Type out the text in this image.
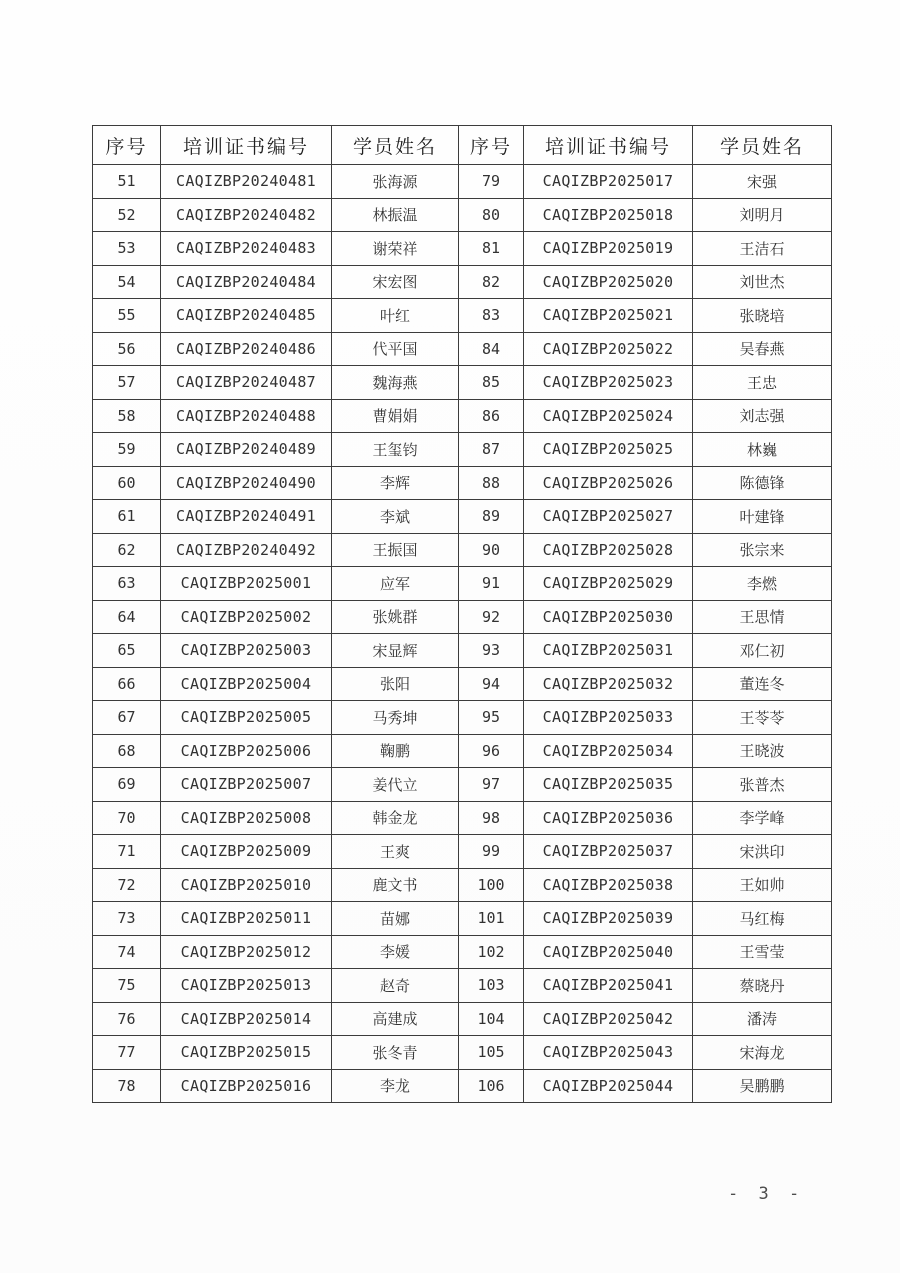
序号	培训证书编号	学员姓名	序号	培训证书编号	学员姓名
51	CAQIZBP20240481	张海源	79	CAQIZBP2025017	宋强
52	CAQIZBP20240482	林振温	80	CAQIZBP2025018	刘明月
53	CAQIZBP20240483	谢荣祥	81	CAQIZBP2025019	王洁石
54	CAQIZBP20240484	宋宏图	82	CAQIZBP2025020	刘世杰
55	CAQIZBP20240485	叶红	83	CAQIZBP2025021	张晓培
56	CAQIZBP20240486	代平国	84	CAQIZBP2025022	吴春燕
57	CAQIZBP20240487	魏海燕	85	CAQIZBP2025023	王忠
58	CAQIZBP20240488	曹娟娟	86	CAQIZBP2025024	刘志强
59	CAQIZBP20240489	王玺钧	87	CAQIZBP2025025	林巍
60	CAQIZBP20240490	李辉	88	CAQIZBP2025026	陈德锋
61	CAQIZBP20240491	李斌	89	CAQIZBP2025027	叶建锋
62	CAQIZBP20240492	王振国	90	CAQIZBP2025028	张宗来
63	CAQIZBP2025001	应军	91	CAQIZBP2025029	李燃
64	CAQIZBP2025002	张姚群	92	CAQIZBP2025030	王思情
65	CAQIZBP2025003	宋显辉	93	CAQIZBP2025031	邓仁初
66	CAQIZBP2025004	张阳	94	CAQIZBP2025032	董连冬
67	CAQIZBP2025005	马秀坤	95	CAQIZBP2025033	王苓苓
68	CAQIZBP2025006	鞠鹏	96	CAQIZBP2025034	王晓波
69	CAQIZBP2025007	姜代立	97	CAQIZBP2025035	张普杰
70	CAQIZBP2025008	韩金龙	98	CAQIZBP2025036	李学峰
71	CAQIZBP2025009	王爽	99	CAQIZBP2025037	宋洪印
72	CAQIZBP2025010	鹿文书	100	CAQIZBP2025038	王如帅
73	CAQIZBP2025011	苗娜	101	CAQIZBP2025039	马红梅
74	CAQIZBP2025012	李媛	102	CAQIZBP2025040	王雪莹
75	CAQIZBP2025013	赵奇	103	CAQIZBP2025041	蔡晓丹
76	CAQIZBP2025014	高建成	104	CAQIZBP2025042	潘涛
77	CAQIZBP2025015	张冬青	105	CAQIZBP2025043	宋海龙
78	CAQIZBP2025016	李龙	106	CAQIZBP2025044	吴鹏鹏
- 3 -
